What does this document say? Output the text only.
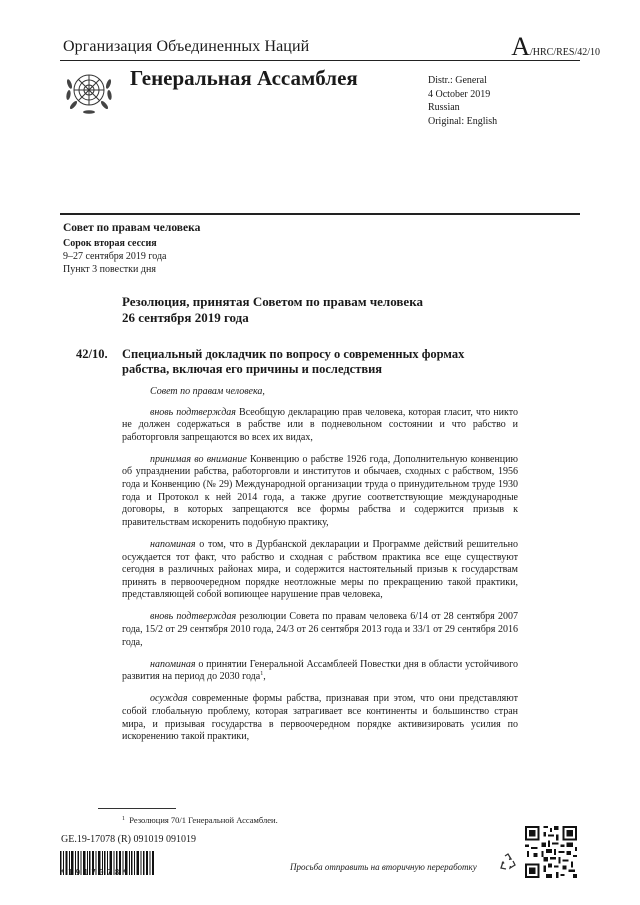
Организация Объединенных Наций	A/HRC/RES/42/10
Генеральная Ассамблея	Distr.: General
4 October 2019
Russian
Original: English
Совет по правам человека
Сорок вторая сессия
9–27 сентября 2019 года
Пункт 3 повестки дня
Резолюция, принятая Советом по правам человека
26 сентября 2019 года
42/10. Специальный докладчик по вопросу о современных формах
рабства, включая его причины и последствия

Совет по правам человека,

вновь подтверждая Всеобщую декларацию прав человека, которая гласит, что никто не должен содержаться в рабстве или в подневольном состоянии и что рабство и работорговля запрещаются во всех их видах,

принимая во внимание Конвенцию о рабстве 1926 года, Дополнительную конвенцию об упразднении рабства, работорговли и институтов и обычаев, сходных с рабством, 1956 года и Конвенцию (№ 29) Международной организации труда о принудительном труде 1930 года и Протокол к ней 2014 года, а также другие соответствующие международные договоры, в которых запрещаются все формы рабства и содержится призыв к правительствам искоренить подобную практику,

напоминая о том, что в Дурбанской декларации и Программе действий решительно осуждается тот факт, что рабство и сходная с рабством практика все еще существуют сегодня в различных районах мира, и содержится настоятельный призыв к государствам принять в первоочередном порядке неотложные меры по прекращению такой практики, представляющей собой вопиющее нарушение прав человека,

вновь подтверждая резолюции Совета по правам человека 6/14 от 28 сентября 2007 года, 15/2 от 29 сентября 2010 года, 24/3 от 26 сентября 2013 года и 33/1 от 29 сентября 2016 года,

напоминая о принятии Генеральной Ассамблеей Повестки дня в области устойчивого развития на период до 2030 года$^1$,

осуждая современные формы рабства, признавая при этом, что они представляют собой глобальную проблему, которая затрагивает все континенты и большинство стран мира, и призывая государства в первоочередном порядке активизировать усилия по искоренению такой практики,

$^1$ Резолюция 70/1 Генеральной Ассамблеи.
GE.19-17078 (R) 091019 091019
*1917078*
Просьба отправить на вторичную переработку
